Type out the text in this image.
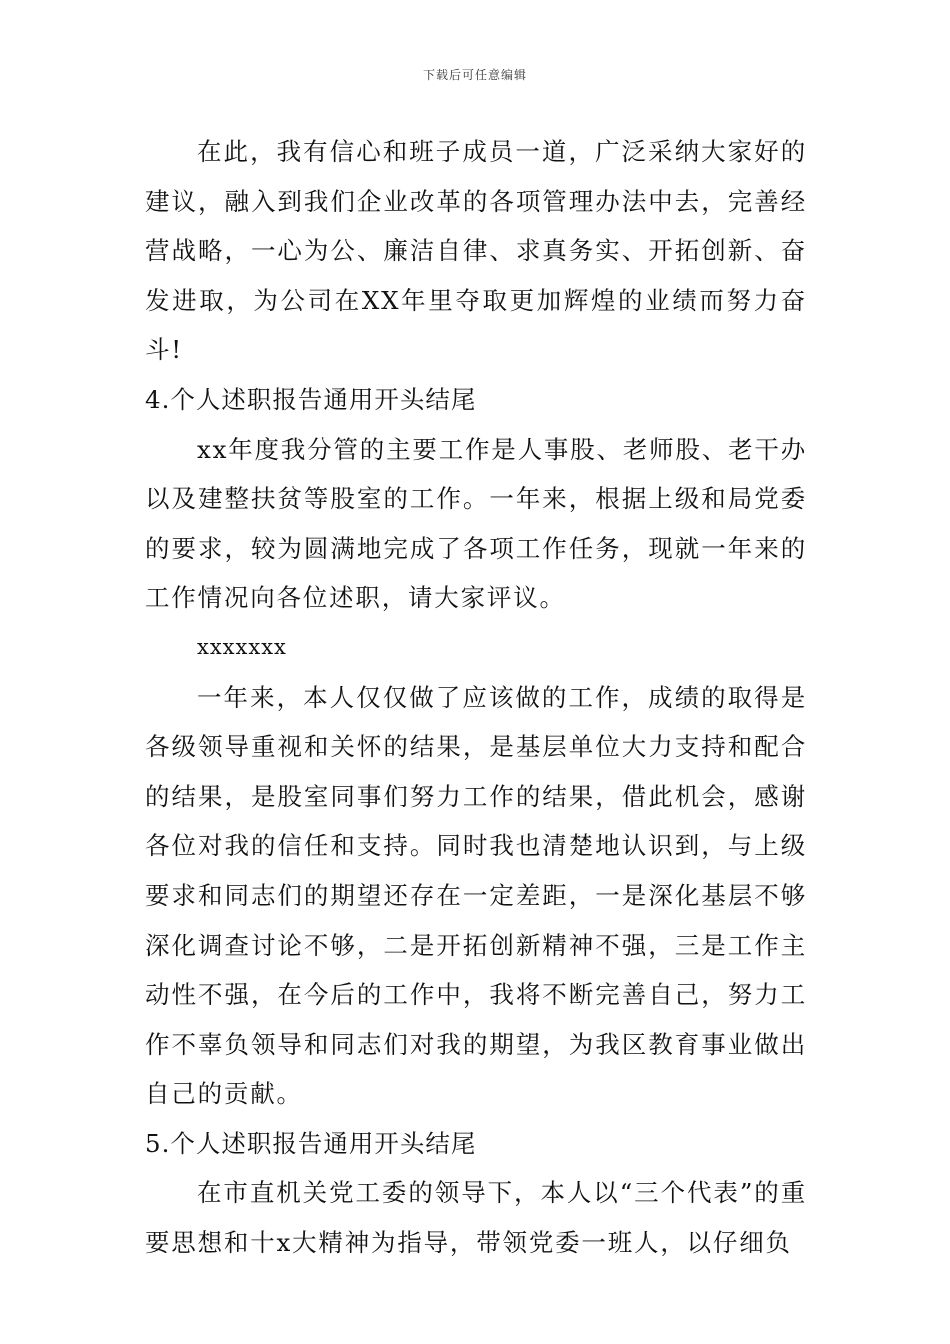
下载后可任意编辑

在此，我有信心和班子成员一道，广泛采纳大家好的建议，融入到我们企业改革的各项管理办法中去，完善经营战略，一心为公、廉洁自律、求真务实、开拓创新、奋发进取，为公司在XX年里夺取更加辉煌的业绩而努力奋斗!

4.个人述职报告通用开头结尾

xx年度我分管的主要工作是人事股、老师股、老干办以及建整扶贫等股室的工作。一年来，根据上级和局党委的要求，较为圆满地完成了各项工作任务，现就一年来的工作情况向各位述职，请大家评议。

xxxxxxx

一年来，本人仅仅做了应该做的工作，成绩的取得是各级领导重视和关怀的结果，是基层单位大力支持和配合的结果，是股室同事们努力工作的结果，借此机会，感谢各位对我的信任和支持。同时我也清楚地认识到，与上级要求和同志们的期望还存在一定差距，一是深化基层不够深化调查讨论不够，二是开拓创新精神不强，三是工作主动性不强，在今后的工作中，我将不断完善自己，努力工作不辜负领导和同志们对我的期望，为我区教育事业做出自己的贡献。

5.个人述职报告通用开头结尾

在市直机关党工委的领导下，本人以“三个代表”的重要思想和十x大精神为指导，带领党委一班人，以仔细负
